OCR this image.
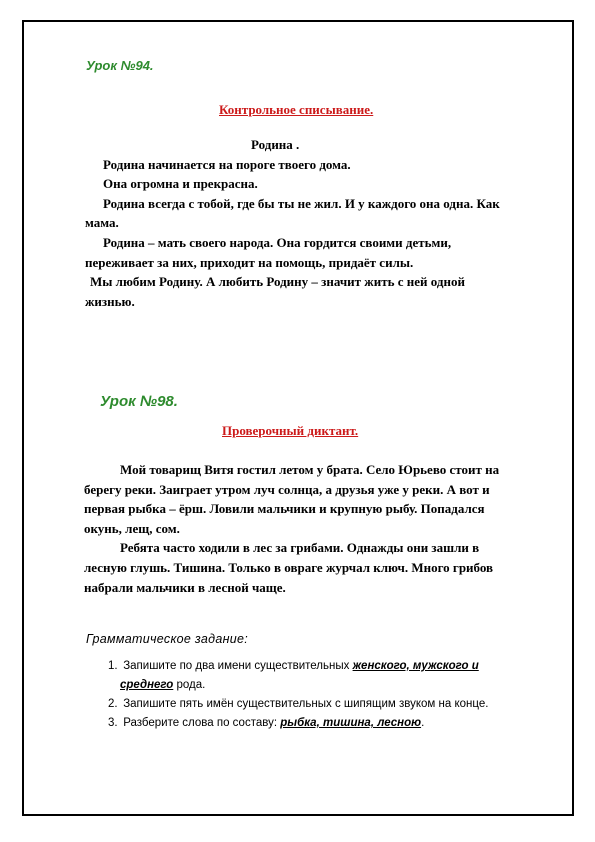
Урок №94.

Контрольное списывание.

Родина .

Родина начинается на пороге твоего дома.

Она огромна и прекрасна.

Родина всегда с тобой, где бы ты не жил. И у каждого она одна. Как

мама.

Родина – мать своего народа. Она гордится своими детьми,

переживает за них, приходит на помощь, придаёт силы.

Мы любим Родину. А любить Родину – значит жить с ней одной

жизнью.

Урок №98.

Проверочный диктант.

Мой товарищ Витя гостил летом у брата. Село Юрьево стоит на

берегу реки. Заиграет утром луч солнца, а друзья уже у реки. А вот и

первая рыбка – ёрш. Ловили мальчики и крупную рыбу. Попадался

окунь, лещ, сом.

Ребята часто ходили в лес за грибами. Однажды они зашли в

лесную глушь. Тишина. Только в овраге журчал ключ. Много грибов

набрали мальчики в лесной чаще.

Грамматическое задание:

1. Запишите по два имени существительных женского, мужского и
среднего рода.
2. Запишите пять имён существительных с шипящим звуком на конце.
3. Разберите слова по составу: рыбка, тишина, лесною.
